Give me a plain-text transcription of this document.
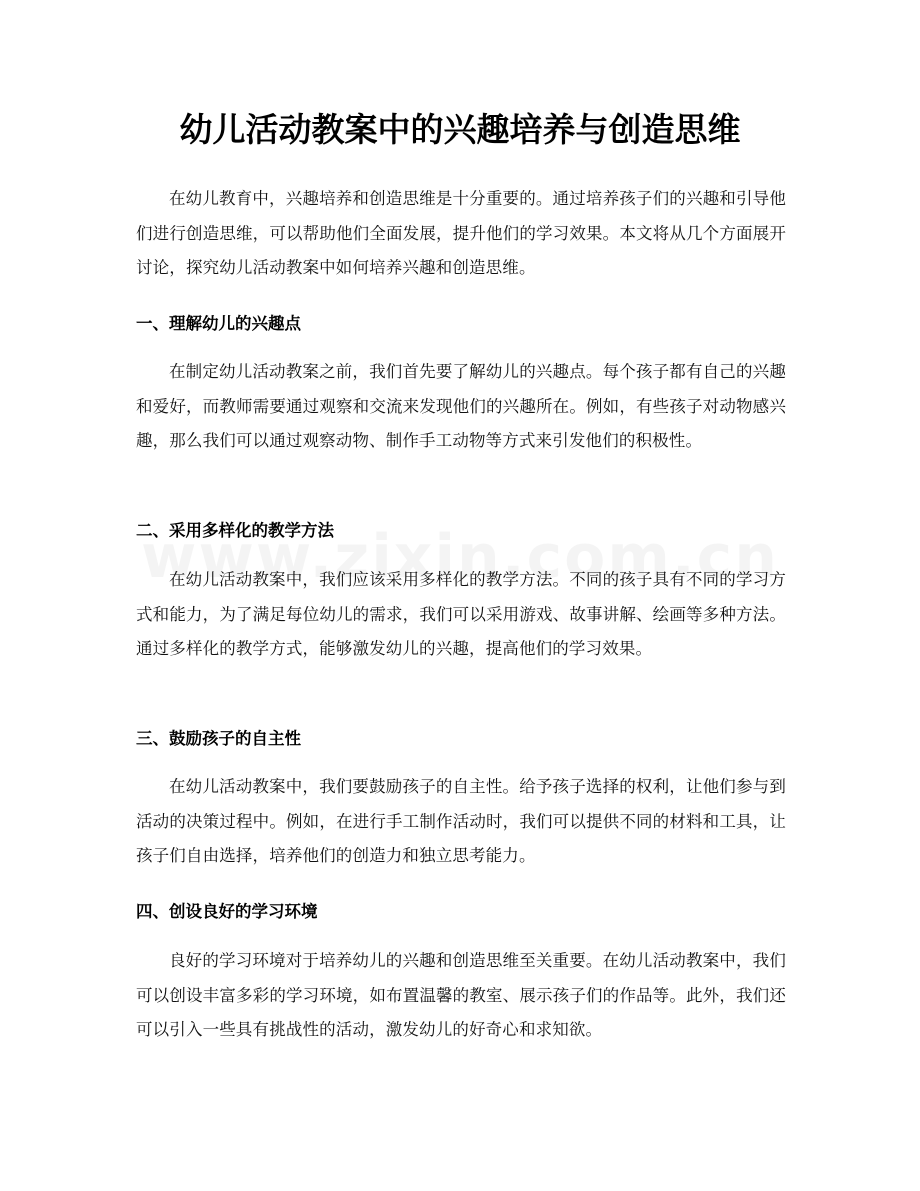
幼儿活动教案中的兴趣培养与创造思维

在幼儿教育中，兴趣培养和创造思维是十分重要的。通过培养孩子们的兴趣和引导他们进行创造思维，可以帮助他们全面发展，提升他们的学习效果。本文将从几个方面展开讨论，探究幼儿活动教案中如何培养兴趣和创造思维。

一、理解幼儿的兴趣点

在制定幼儿活动教案之前，我们首先要了解幼儿的兴趣点。每个孩子都有自己的兴趣和爱好，而教师需要通过观察和交流来发现他们的兴趣所在。例如，有些孩子对动物感兴趣，那么我们可以通过观察动物、制作手工动物等方式来引发他们的积极性。

二、采用多样化的教学方法

在幼儿活动教案中，我们应该采用多样化的教学方法。不同的孩子具有不同的学习方式和能力，为了满足每位幼儿的需求，我们可以采用游戏、故事讲解、绘画等多种方法。通过多样化的教学方式，能够激发幼儿的兴趣，提高他们的学习效果。

三、鼓励孩子的自主性

在幼儿活动教案中，我们要鼓励孩子的自主性。给予孩子选择的权利，让他们参与到活动的决策过程中。例如，在进行手工制作活动时，我们可以提供不同的材料和工具，让孩子们自由选择，培养他们的创造力和独立思考能力。

四、创设良好的学习环境

良好的学习环境对于培养幼儿的兴趣和创造思维至关重要。在幼儿活动教案中，我们可以创设丰富多彩的学习环境，如布置温馨的教室、展示孩子们的作品等。此外，我们还可以引入一些具有挑战性的活动，激发幼儿的好奇心和求知欲。
